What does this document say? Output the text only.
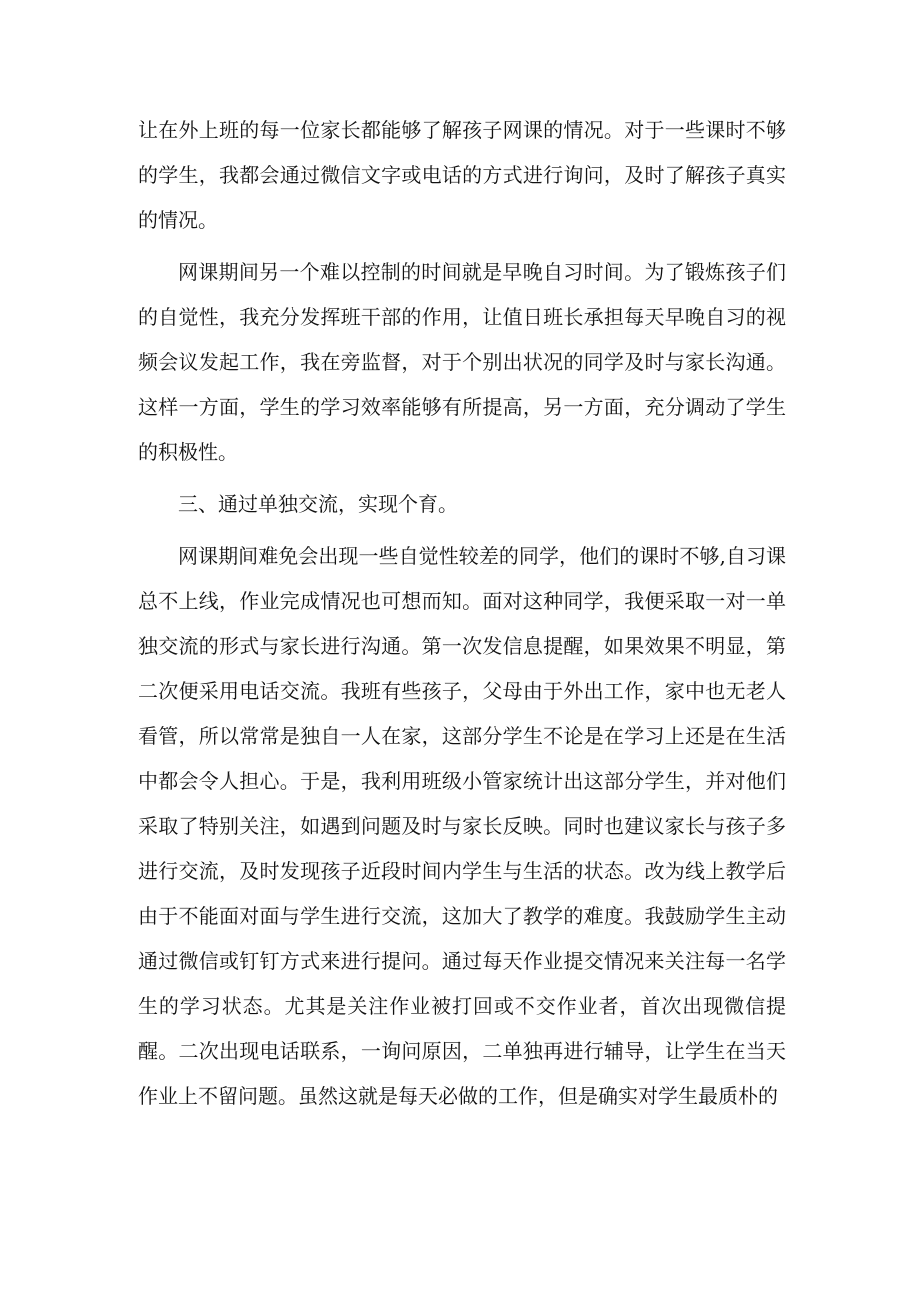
让在外上班的每一位家长都能够了解孩子网课的情况。对于一些课时不够的学生，我都会通过微信文字或电话的方式进行询问，及时了解孩子真实的情况。

网课期间另一个难以控制的时间就是早晚自习时间。为了锻炼孩子们的自觉性，我充分发挥班干部的作用，让值日班长承担每天早晚自习的视频会议发起工作，我在旁监督，对于个别出状况的同学及时与家长沟通。这样一方面，学生的学习效率能够有所提高，另一方面，充分调动了学生的积极性。

三、通过单独交流，实现个育。

网课期间难免会出现一些自觉性较差的同学，他们的课时不够,自习课总不上线，作业完成情况也可想而知。面对这种同学，我便采取一对一单独交流的形式与家长进行沟通。第一次发信息提醒，如果效果不明显，第二次便采用电话交流。我班有些孩子，父母由于外出工作，家中也无老人看管，所以常常是独自一人在家，这部分学生不论是在学习上还是在生活中都会令人担心。于是，我利用班级小管家统计出这部分学生，并对他们采取了特别关注，如遇到问题及时与家长反映。同时也建议家长与孩子多进行交流，及时发现孩子近段时间内学生与生活的状态。改为线上教学后由于不能面对面与学生进行交流，这加大了教学的难度。我鼓励学生主动通过微信或钉钉方式来进行提问。通过每天作业提交情况来关注每一名学生的学习状态。尤其是关注作业被打回或不交作业者，首次出现微信提醒。二次出现电话联系，一询问原因，二单独再进行辅导，让学生在当天作业上不留问题。虽然这就是每天必做的工作，但是确实对学生最质朴的
